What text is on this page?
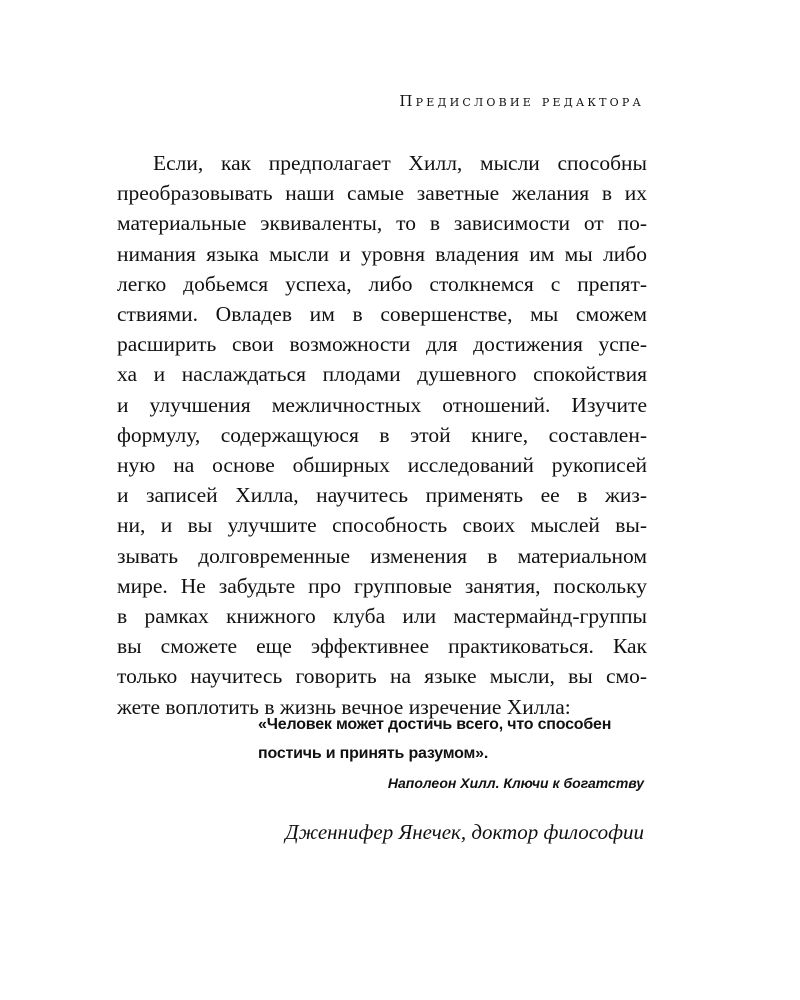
Предисловие редактора
Если, как предполагает Хилл, мысли способны
преобразовывать наши самые заветные желания в их
материальные эквиваленты, то в зависимости от по-
нимания языка мысли и уровня владения им мы либо
легко добьемся успеха, либо столкнемся с препят-
ствиями. Овладев им в совершенстве, мы сможем
расширить свои возможности для достижения успе-
ха и наслаждаться плодами душевного спокойствия
и улучшения межличностных отношений. Изучите
формулу, содержащуюся в этой книге, составлен-
ную на основе обширных исследований рукописей
и записей Хилла, научитесь применять ее в жиз-
ни, и вы улучшите способность своих мыслей вы-
зывать долговременные изменения в материальном
мире. Не забудьте про групповые занятия, поскольку
в рамках книжного клуба или мастермайнд-группы
вы сможете еще эффективнее практиковаться. Как
только научитесь говорить на языке мысли, вы смо-
жете воплотить в жизнь вечное изречение Хилла:
«Человек может достичь всего, что способен
постичь и принять разумом».
Наполеон Хилл. Ключи к богатству
Дженнифер Янечек, доктор философии
